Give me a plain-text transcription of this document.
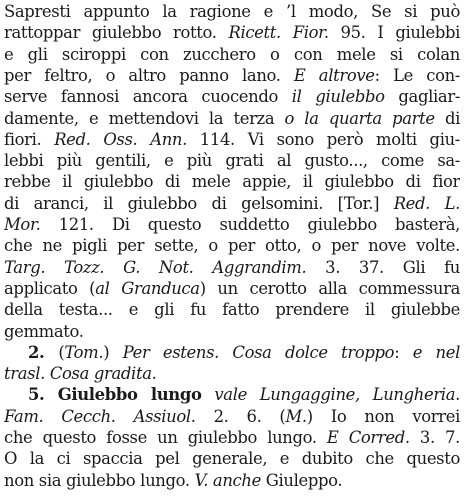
Sapresti appunto la ragione e ’l modo, Se si può
rattoppar giulebbo rotto. Ricett. Fior. 95. I giulebbi
e gli sciroppi con zucchero o con mele si colan
per feltro, o altro panno lano. E altrove: Le con-
serve fannosi ancora cuocendo il giulebbo gagliar-
damente, e mettendovi la terza o la quarta parte di
fiori. Red. Oss. Ann. 114. Vi sono però molti giu-
lebbi più gentili, e più grati al gusto..., come sa-
rebbe il giulebbo di mele appie, il giulebbo di fior
di aranci, il giulebbo di gelsomini. [Tor.] Red. L.
Mor. 121. Di questo suddetto giulebbo basterà,
che ne pigli per sette, o per otto, o per nove volte.
Targ. Tozz. G. Not. Aggrandim. 3. 37. Gli fu
applicato (al Granduca) un cerotto alla commessura
della testa... e gli fu fatto prendere il giulebbe
gemmato.
2. (Tom.) Per estens. Cosa dolce troppo: e nel
trasl. Cosa gradita.
5. Giulebbo lungo vale Lungaggine, Lungheria.
Fam. Cecch. Assiuol. 2. 6. (M.) Io non vorrei
che questo fosse un giulebbo lungo. E Corred. 3. 7.
O la ci spaccia pel generale, e dubito che questo
non sia giulebbo lungo. V. anche Giuleppo.
